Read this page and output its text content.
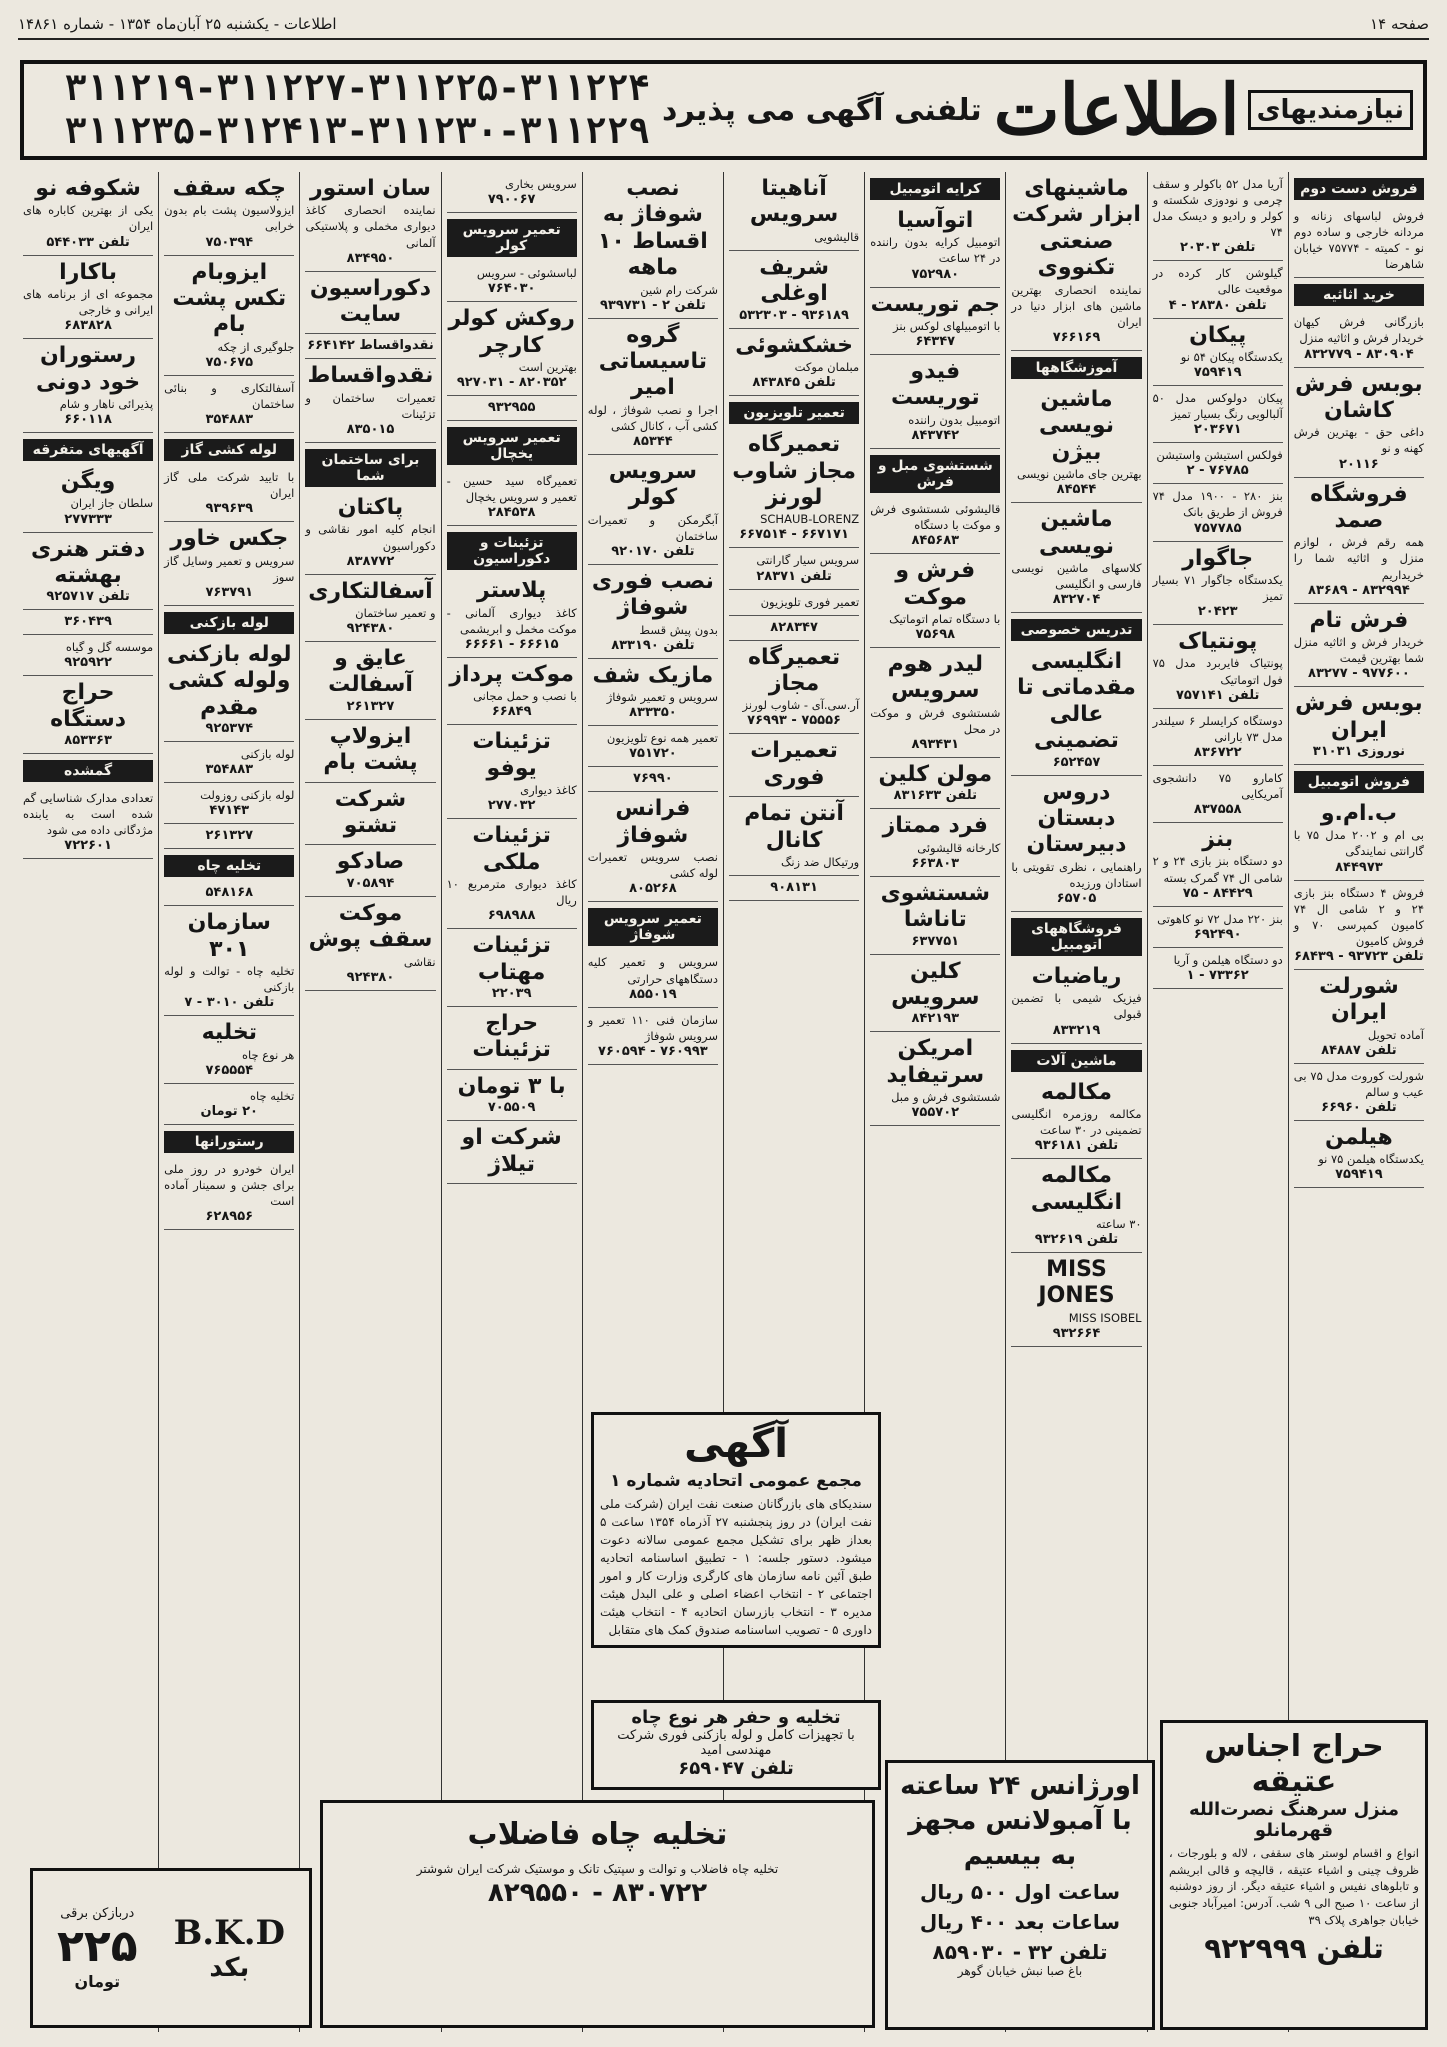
صفحه ۱۴
اطلاعات - یکشنبه ۲۵ آبان‌ماه ۱۳۵۴ - شماره ۱۴۸۶۱
نیازمندیهای
اطلاعات
تلفنی آگهی می پذیرد
۳۱۱۲۱۹-۳۱۱۲۲۷-۳۱۱۲۲۵-۳۱۱۲۲۴
۳۱۱۲۳۵-۳۱۲۴۱۳-۳۱۱۲۳۰-۳۱۱۲۲۹
فروش دست دوم
فروش لباسهای زنانه و مردانه خارجی و ساده دوم نو - کمیته - ۷۵۷۷۴ خیابان شاهرضا
خرید اثاثیه
بازرگانی فرش کیهان خریدار فرش و اثاثیه منزل
۸۳۰۹۰۴ - ۸۳۲۷۷۹
بوبس فرش کاشان
داغی حق - بهترین فرش کهنه و نو
۲۰۱۱۶
فروشگاه صمد
همه رقم فرش ، لوازم منزل و اثاثیه شما را خریداریم
۸۳۲۹۹۴ - ۸۳۶۸۹
فرش تام
خریدار فرش و اثاثیه منزل شما بهترین قیمت
۹۷۷۶۰۰ - ۸۳۲۷۷
بوبس فرش ایران
نوروزی ۳۱۰۳۱
فروش اتومبیل
ب.ام.و
بی ام و ۲۰۰۲ مدل ۷۵ با گارانتی نمایندگی
۸۴۴۹۷۳
فروش ۴ دستگاه بنز بازی ۲۴ و ۲ شامی ال ۷۴ کامیون کمپرسی ۷۰ و فروش کامیون
تلفن ۹۳۷۲۳ - ۶۸۴۳۹
شورلت ایران
آماده تحویل
تلفن ۸۴۸۸۷
شورلت کوروت مدل ۷۵ بی عیب و سالم
تلفن ۶۶۹۶۰
هیلمن
یکدستگاه هیلمن ۷۵ نو
۷۵۹۴۱۹
آریا مدل ۵۲ باکولر و سقف چرمی و نودوزی شکسته و کولر و رادیو و دیسک مدل ۷۴
تلفن ۲۰۳۰۳
گیلوشن کار کرده در موقعیت عالی
تلفن ۲۸۳۸۰ - ۴
پیکان
یکدستگاه پیکان ۵۴ نو
۷۵۹۴۱۹
پیکان دولوکس مدل ۵۰ آلبالویی رنگ بسیار تمیز
۲۰۳۶۷۱
فولکس استیشن واستیشن
۷۶۷۸۵ - ۲
بنز ۲۸۰ - ۱۹۰۰ مدل ۷۴ فروش از طریق بانک
۷۵۷۷۸۵
جاگوار
یکدستگاه جاگوار ۷۱ بسیار تمیز
۲۰۴۲۳
پونتیاک
پونتیاک فایربرد مدل ۷۵ فول اتوماتیک
تلفن ۷۵۷۱۴۱
دوستگاه کرایسلر ۶ سیلندر مدل ۷۳ بارانی
۸۳۶۷۲۲
کامارو ۷۵ دانشجوی آمریکایی
۸۳۷۵۵۸
بنز
دو دستگاه بنز بازی ۲۴ و ۲ شامی ال ۷۴ گمرک بسته
۸۴۴۲۹ - ۷۵
بنز ۲۲۰ مدل ۷۲ نو کاهوتی
۶۹۲۴۹۰
دو دستگاه هیلمن و آریا
۷۳۳۶۲ - ۱
ماشینهای ابزار شرکت صنعتی تکنووی
نماینده انحصاری بهترین ماشین های ابزار دنیا در ایران
۷۶۶۱۶۹
آموزشگاهها
ماشین نویسی بیژن
بهترین جای ماشین نویسی
۸۴۵۴۴
ماشین نویسی
کلاسهای ماشین نویسی فارسی و انگلیسی
۸۳۲۷۰۴
تدریس خصوصی
انگلیسی مقدماتی تا عالی تضمینی
۶۵۲۴۵۷
دروس دبستان دبیرستان
راهنمایی ، نظری تقویتی با استادان ورزیده
۶۵۷۰۵
فروشگاههای اتومبیل
ریاضیات
فیزیک شیمی با تضمین قبولی
۸۳۳۲۱۹
ماشین آلات
مکالمه
مکالمه روزمره انگلیسی تضمینی در ۳۰ ساعت
تلفن ۹۳۶۱۸۱
مکالمه انگلیسی
۳۰ ساعته
تلفن ۹۳۲۶۱۹
MISS JONES
MISS ISOBEL
۹۳۲۶۶۴
کرایه اتومبیل
اتوآسیا
اتومبیل کرایه بدون راننده در ۲۴ ساعت
۷۵۲۹۸۰
جم توریست
با اتومبیلهای لوکس بنز
۶۴۳۴۷
فیدو توریست
اتومبیل بدون راننده
۸۴۳۷۴۲
شستشوی مبل و فرش
قالیشوئی شستشوی فرش و موکت با دستگاه
۸۴۵۶۸۳
فرش و موکت
با دستگاه تمام اتوماتیک
۷۵۶۹۸
لیدر هوم سرویس
شستشوی فرش و موکت در محل
۸۹۳۴۳۱
مولن کلین
تلفن ۸۳۱۶۳۳
فرد ممتاز
کارخانه قالیشوئی
۶۶۳۸۰۳
شستشوی تاناشا
۶۳۷۷۵۱
کلین سرویس
۸۴۲۱۹۳
امریکن سرتیفاید
شستشوی فرش و مبل
۷۵۵۷۰۲
آناهیتا سرویس
قالیشویی
شریف اوغلی
۹۳۶۱۸۹ - ۵۳۲۳۰۳
خشکشوئی
مبلمان موکت
تلفن ۸۴۳۸۴۵
تعمیر تلویزیون
تعمیرگاه مجاز شاوب لورنز
SCHAUB-LORENZ
۶۶۷۱۷۱ - ۶۶۷۵۱۴
سرویس سیار گارانتی
تلفن ۲۸۳۷۱
تعمیر فوری تلویزیون
۸۲۸۳۴۷
تعمیرگاه مجاز
آر.سی.آی - شاوب لورنز
۷۵۵۵۶ - ۷۶۹۹۳
تعمیرات فوری
آنتن تمام کانال
ورتیکال ضد زنگ
۹۰۸۱۳۱
نصب شوفاژ به اقساط ۱۰ ماهه
شرکت رام شین
تلفن ۲ - ۹۳۹۷۳۱
گروه تاسیساتی امیر
اجرا و نصب شوفاژ ، لوله کشی آب ، کانال کشی
۸۵۳۴۴
سرویس کولر
آبگرمکن و تعمیرات ساختمان
تلفن ۹۲۰۱۷۰
نصب فوری شوفاژ
بدون پیش قسط
تلفن ۸۳۳۱۹۰
مازیک شف
سرویس و تعمیر شوفاژ
۸۳۳۳۵۰
تعمیر همه نوع تلویزیون
۷۵۱۷۲۰
۷۶۹۹۰
فرانس شوفاژ
نصب سرویس تعمیرات لوله کشی
۸۰۵۲۶۸
تعمیر سرویس شوفاژ
سرویس و تعمیر کلیه دستگاههای حرارتی
۸۵۵۰۱۹
سازمان فنی ۱۱۰ تعمیر و سرویس شوفاژ
۷۶۰۹۹۳ - ۷۶۰۵۹۴
سرویس بخاری
۷۹۰۰۶۷
تعمیر سرویس کولر
لباسشوئی - سرویس
۷۶۴۰۳۰
روکش کولر کارچر
بهترین است
۸۲۰۳۵۲ - ۹۲۷۰۳۱
۹۳۲۹۵۵
تعمیر سرویس یخچال
تعمیرگاه سید حسین - تعمیر و سرویس یخچال
۲۸۴۵۳۸
تزئینات و دکوراسیون
پلاستر
کاغذ دیواری آلمانی - موکت مخمل و ابریشمی
۶۶۶۱۵ - ۶۶۶۶۱
موکت پرداز
با نصب و حمل مجانی
۶۶۸۴۹
تزئینات یوفو
کاغذ دیواری
۲۷۷۰۳۲
تزئینات ملکی
کاغذ دیواری مترمربع ۱۰ ریال
۶۹۸۹۸۸
تزئینات مهتاب
۲۲۰۳۹
حراج تزئینات
با ۳ تومان
۷۰۵۵۰۹
شرکت او تیلاژ
سان استور
نماینده انحصاری کاغذ دیواری مخملی و پلاستیکی آلمانی
۸۳۴۹۵۰
دکوراسیون سایت
نقدواقساط ۶۶۴۱۴۲
نقدواقساط
تعمیرات ساختمان و تزئینات
۸۳۵۰۱۵
برای ساختمان شما
پاکتان
انجام کلیه امور نقاشی و دکوراسیون
۸۳۸۷۷۲
آسفالتکاری
و تعمیر ساختمان
۹۲۴۳۸۰
عایق و آسفالت
۲۶۱۳۲۷
ایزولاپ پشت بام
شرکت تشتو
صادکو
۷۰۵۸۹۴
موکت سقف پوش
نقاشی
۹۲۴۳۸۰
چکه سقف
ایزولاسیون پشت بام بدون خرابی
۷۵۰۳۹۴
ایزوبام تکس پشت بام
جلوگیری از چکه
۷۵۰۶۷۵
آسفالتکاری و بنائی ساختمان
۳۵۴۸۸۳
لوله کشی گاز
با تایید شرکت ملی گاز ایران
۹۳۹۶۳۹
جکس خاور
سرویس و تعمیر وسایل گاز سوز
۷۶۳۷۹۱
لوله بازکنی
لوله بازکنی ولوله کشی مقدم
۹۲۵۳۷۴
لوله بازکنی
۳۵۴۸۸۳
لوله بازکنی روزولت
۴۷۱۴۳
۲۶۱۳۲۷
تخلیه چاه
۵۴۸۱۶۸
سازمان ۳۰۱
تخلیه چاه - توالت و لوله بازکنی
تلفن ۳۰۱۰ - ۷
تخلیه
هر نوع چاه
۷۶۵۵۵۴
تخلیه چاه
۲۰ تومان
رستورانها
ایران خودرو در روز ملی برای جشن و سمینار آماده است
۶۲۸۹۵۶
شکوفه نو
یکی از بهترین کاباره های ایران
تلفن ۵۴۴۰۳۳
باکارا
مجموعه ای از برنامه های ایرانی و خارجی
۶۸۳۸۲۸
رستوران خود دونی
پذیرائی ناهار و شام
۶۶۰۱۱۸
آگهیهای متفرقه
ویگن
سلطان جاز ایران
۲۷۷۳۳۳
دفتر هنری بهشته
تلفن ۹۲۵۷۱۷
۳۶۰۴۳۹
موسسه گل و گیاه
۹۲۵۹۲۲
حراج دستگاه
۸۵۳۳۶۳
گمشده
تعدادی مدارک شناسایی گم شده است به یابنده مژدگانی داده می شود
۷۲۲۶۰۱
آگهی
مجمع عمومی اتحادیه شماره ۱
سندیکای های بازرگانان صنعت نفت ایران (شرکت ملی نفت ایران) در روز پنجشنبه ۲۷ آذرماه ۱۳۵۴ ساعت ۵ بعداز ظهر برای تشکیل مجمع عمومی سالانه دعوت میشود. دستور جلسه: ۱ - تطبیق اساسنامه اتحادیه طبق آئین نامه سازمان های کارگری وزارت کار و امور اجتماعی ۲ - انتخاب اعضاء اصلی و علی البدل هیئت مدیره ۳ - انتخاب بازرسان اتحادیه ۴ - انتخاب هیئت داوری ۵ - تصویب اساسنامه صندوق کمک های متقابل
تخلیه و حفر هر نوع چاه
با تجهیزات کامل و لوله بازکنی فوری شرکت مهندسی امید
تلفن ۶۵۹۰۴۷
تخلیه چاه فاضلاب
تخلیه چاه فاضلاب و توالت و سپتیک تانک و موستیک شرکت ایران شوشتر
۸۳۰۷۲۲ - ۸۲۹۵۵۰
اورژانس ۲۴ ساعته
با آمبولانس مجهز
به بیسیم
ساعت اول ۵۰۰ ریال
ساعات بعد ۴۰۰ ریال
تلفن ۳۲ - ۸۵۹۰۳۰
باغ صبا نبش خیابان گوهر
حراج اجناس عتیقه
منزل سرهنگ نصرت‌الله قهرمانلو
انواع و اقسام لوستر های سقفی ، لاله و بلورجات ، ظروف چینی و اشیاء عتیقه ، قالیچه و قالی ابریشم و تابلوهای نفیس و اشیاء عتیقه دیگر. از روز دوشنبه از ساعت ۱۰ صبح الی ۹ شب. آدرس: امیرآباد جنوبی خیابان جواهری پلاک ۳۹
تلفن ۹۲۲۹۹۹
B.K.D
بکد
دربازکن برقی
۲۲۵
تومان
